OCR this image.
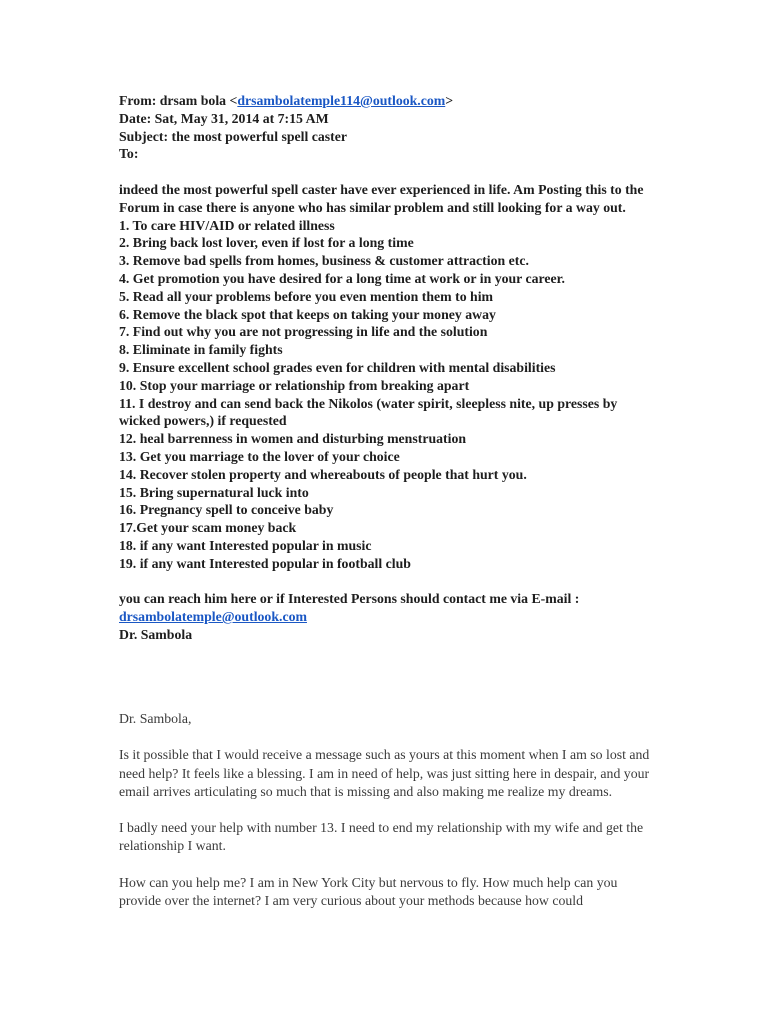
From: drsam bola <drsambolatemple114@outlook.com>
Date: Sat, May 31, 2014 at 7:15 AM
Subject: the most powerful spell caster
To:
indeed the most powerful spell caster have ever experienced in life. Am Posting this to the Forum in case there is anyone who has similar problem and still looking for a way out.
1. To care HIV/AID or related illness
2. Bring back lost lover, even if lost for a long time
3. Remove bad spells from homes, business & customer attraction etc.
4. Get promotion you have desired for a long time at work or in your career.
5. Read all your problems before you even mention them to him
6. Remove the black spot that keeps on taking your money away
7. Find out why you are not progressing in life and the solution
8. Eliminate in family fights
9. Ensure excellent school grades even for children with mental disabilities
10. Stop your marriage or relationship from breaking apart
11. I destroy and can send back the Nikolos (water spirit, sleepless nite, up presses by wicked powers,) if requested
12. heal barrenness in women and disturbing menstruation
13. Get you marriage to the lover of your choice
14. Recover stolen property and whereabouts of people that hurt you.
15. Bring supernatural luck into
16. Pregnancy spell to conceive baby
17.Get your scam money back
18. if any want Interested popular in music
19. if any want Interested popular in football club
you can reach him here or if Interested Persons should contact me via E-mail :
drsambolatemple@outlook.com
Dr. Sambola

Dr. Sambola,

Is it possible that I would receive a message such as yours at this moment when I am so lost and need help? It feels like a blessing. I am in need of help, was just sitting here in despair, and your email arrives articulating so much that is missing and also making me realize my dreams.

I badly need your help with number 13. I need to end my relationship with my wife and get the relationship I want.

How can you help me? I am in New York City but nervous to fly. How much help can you provide over the internet? I am very curious about your methods because how could
